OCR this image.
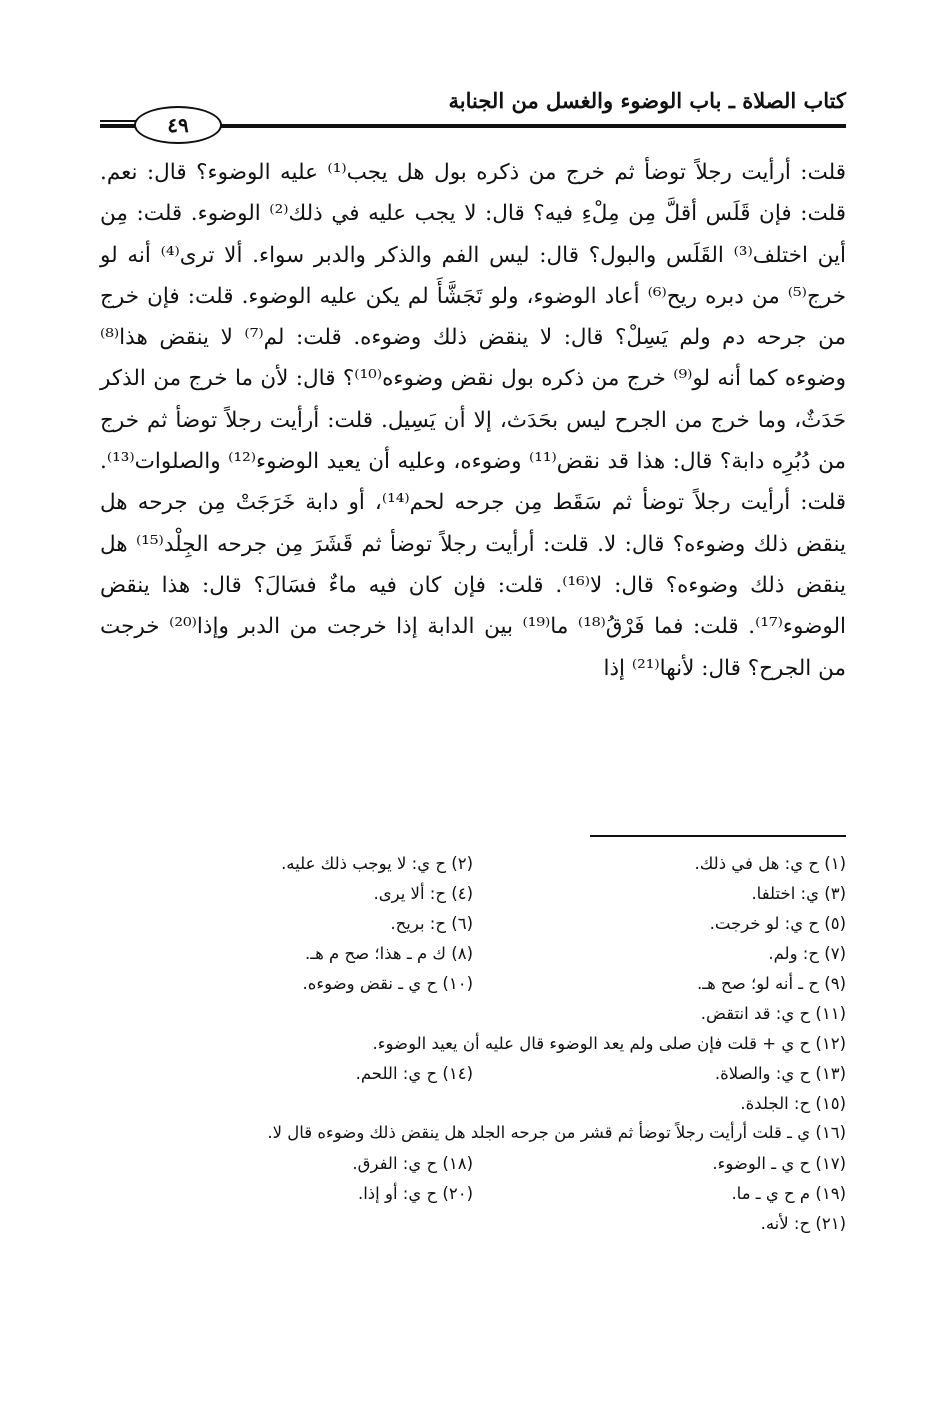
كتاب الصلاة ـ باب الوضوء والغسل من الجنابة
٤٩

قلت: أرأيت رجلاً توضأ ثم خرج من ذكره بول هل يجب⁽¹⁾ عليه الوضوء؟ قال: نعم. قلت: فإن قَلَس أقلَّ مِن مِلْءِ فيه؟ قال: لا يجب عليه في ذلك⁽²⁾ الوضوء. قلت: مِن أين اختلف⁽³⁾ القَلَس والبول؟ قال: ليس الفم والذكر والدبر سواء. ألا ترى⁽⁴⁾ أنه لو خرج⁽⁵⁾ من دبره ريح⁽⁶⁾ أعاد الوضوء، ولو تَجَشَّأَ لم يكن عليه الوضوء. قلت: فإن خرج من جرحه دم ولم يَسِلْ؟ قال: لا ينقض ذلك وضوءه. قلت: لم⁽⁷⁾ لا ينقض هذا⁽⁸⁾ وضوءه كما أنه لو⁽⁹⁾ خرج من ذكره بول نقض وضوءه⁽¹⁰⁾؟ قال: لأن ما خرج من الذكر حَدَثٌ، وما خرج من الجرح ليس بحَدَث، إلا أن يَسِيل. قلت: أرأيت رجلاً توضأ ثم خرج من دُبُرِه دابة؟ قال: هذا قد نقض⁽¹¹⁾ وضوءه، وعليه أن يعيد الوضوء⁽¹²⁾ والصلوات⁽¹³⁾. قلت: أرأيت رجلاً توضأ ثم سَقَط مِن جرحه لحم⁽¹⁴⁾، أو دابة خَرَجَتْ مِن جرحه هل ينقض ذلك وضوءه؟ قال: لا. قلت: أرأيت رجلاً توضأ ثم قَشَرَ مِن جرحه الجِلْد⁽¹⁵⁾ هل ينقض ذلك وضوءه؟ قال: لا⁽¹⁶⁾. قلت: فإن كان فيه ماءٌ فسَالَ؟ قال: هذا ينقض الوضوء⁽¹⁷⁾. قلت: فما فَرْقُ⁽¹⁸⁾ ما⁽¹⁹⁾ بين الدابة إذا خرجت من الدبر وإذا⁽²⁰⁾ خرجت من الجرح؟ قال: لأنها⁽²¹⁾ إذا

(١) ح ي: هل في ذلك.
(٢) ح ي: لا يوجب ذلك عليه.
(٣) ي: اختلفا.
(٤) ح: ألا يرى.
(٥) ح ي: لو خرجت.
(٦) ح: بريح.
(٧) ح: ولم.
(٨) ك م ـ هذا؛ صح م هـ.
(٩) ح ـ أنه لو؛ صح هـ.
(١٠) ح ي ـ نقض وضوءه.
(١١) ح ي: قد انتقض.
(١٢) ح ي + قلت فإن صلى ولم يعد الوضوء قال عليه أن يعيد الوضوء.
(١٣) ح ي: والصلاة.
(١٤) ح ي: اللحم.
(١٥) ح: الجلدة.
(١٦) ي ـ قلت أرأيت رجلاً توضأ ثم قشر من جرحه الجلد هل ينقض ذلك وضوءه قال لا.
(١٧) ح ي ـ الوضوء.
(١٨) ح ي: الفرق.
(١٩) م ح ي ـ ما.
(٢٠) ح ي: أو إذا.
(٢١) ح: لأنه.
